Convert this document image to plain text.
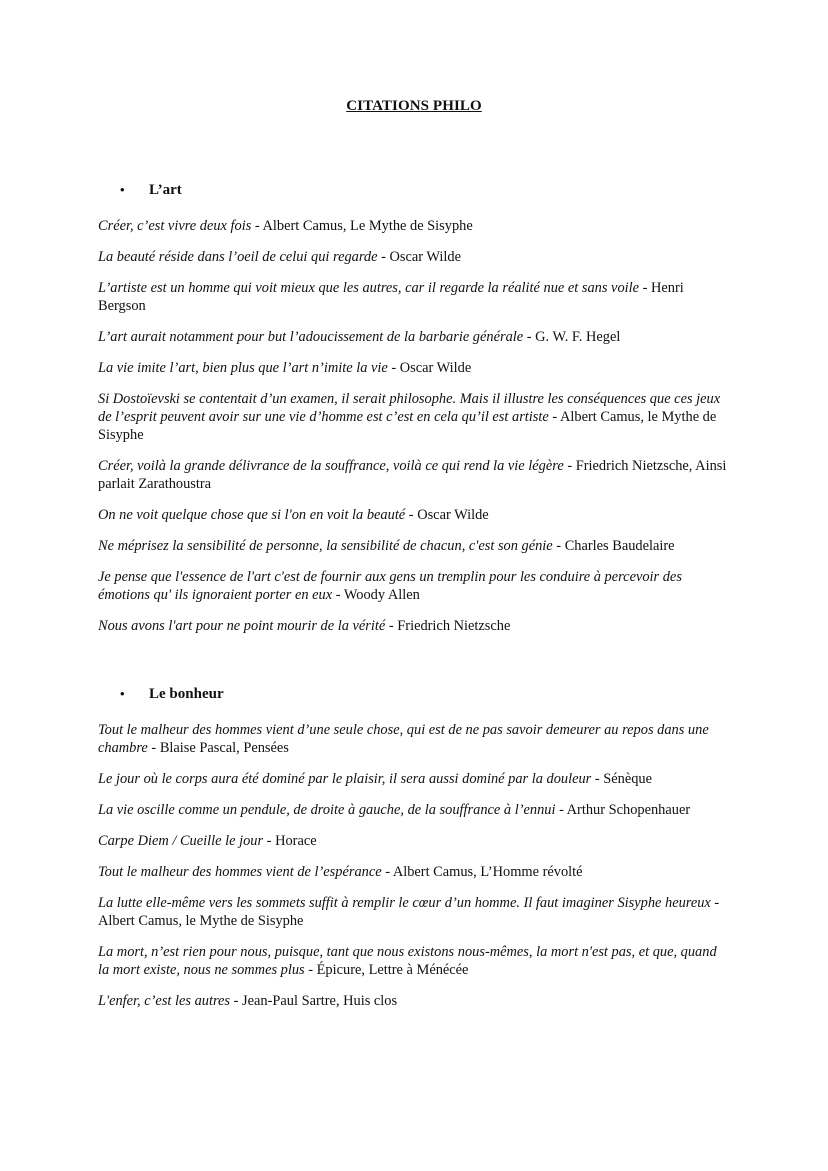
CITATIONS PHILO
• L’art

Créer, c’est vivre deux fois - Albert Camus, Le Mythe de Sisyphe

La beauté réside dans l’oeil de celui qui regarde - Oscar Wilde

L’artiste est un homme qui voit mieux que les autres, car il regarde la réalité nue et sans voile - Henri Bergson

L’art aurait notamment pour but l’adoucissement de la barbarie générale - G. W. F. Hegel

La vie imite l’art, bien plus que l’art n’imite la vie - Oscar Wilde

Si Dostoïevski se contentait d’un examen, il serait philosophe. Mais il illustre les conséquences que ces jeux de l’esprit peuvent avoir sur une vie d’homme est c’est en cela qu’il est artiste - Albert Camus, le Mythe de Sisyphe

Créer, voilà la grande délivrance de la souffrance, voilà ce qui rend la vie légère - Friedrich Nietzsche, Ainsi parlait Zarathoustra

On ne voit quelque chose que si l'on en voit la beauté - Oscar Wilde

Ne méprisez la sensibilité de personne, la sensibilité de chacun, c'est son génie - Charles Baudelaire

Je pense que l'essence de l'art c'est de fournir aux gens un tremplin pour les conduire à percevoir des émotions qu' ils ignoraient porter en eux - Woody Allen

Nous avons l'art pour ne point mourir de la vérité - Friedrich Nietzsche

• Le bonheur

Tout le malheur des hommes vient d’une seule chose, qui est de ne pas savoir demeurer au repos dans une chambre - Blaise Pascal, Pensées

Le jour où le corps aura été dominé par le plaisir, il sera aussi dominé par la douleur - Sénèque

La vie oscille comme un pendule, de droite à gauche, de la souffrance à l’ennui - Arthur Schopenhauer

Carpe Diem / Cueille le jour - Horace

Tout le malheur des hommes vient de l’espérance - Albert Camus, L’Homme révolté

La lutte elle-même vers les sommets suffit à remplir le cœur d’un homme. Il faut imaginer Sisyphe heureux - Albert Camus, le Mythe de Sisyphe

La mort, n’est rien pour nous, puisque, tant que nous existons nous-mêmes, la mort n'est pas, et que, quand la mort existe, nous ne sommes plus - Épicure, Lettre à Ménécée

L'enfer, c’est les autres - Jean-Paul Sartre, Huis clos
